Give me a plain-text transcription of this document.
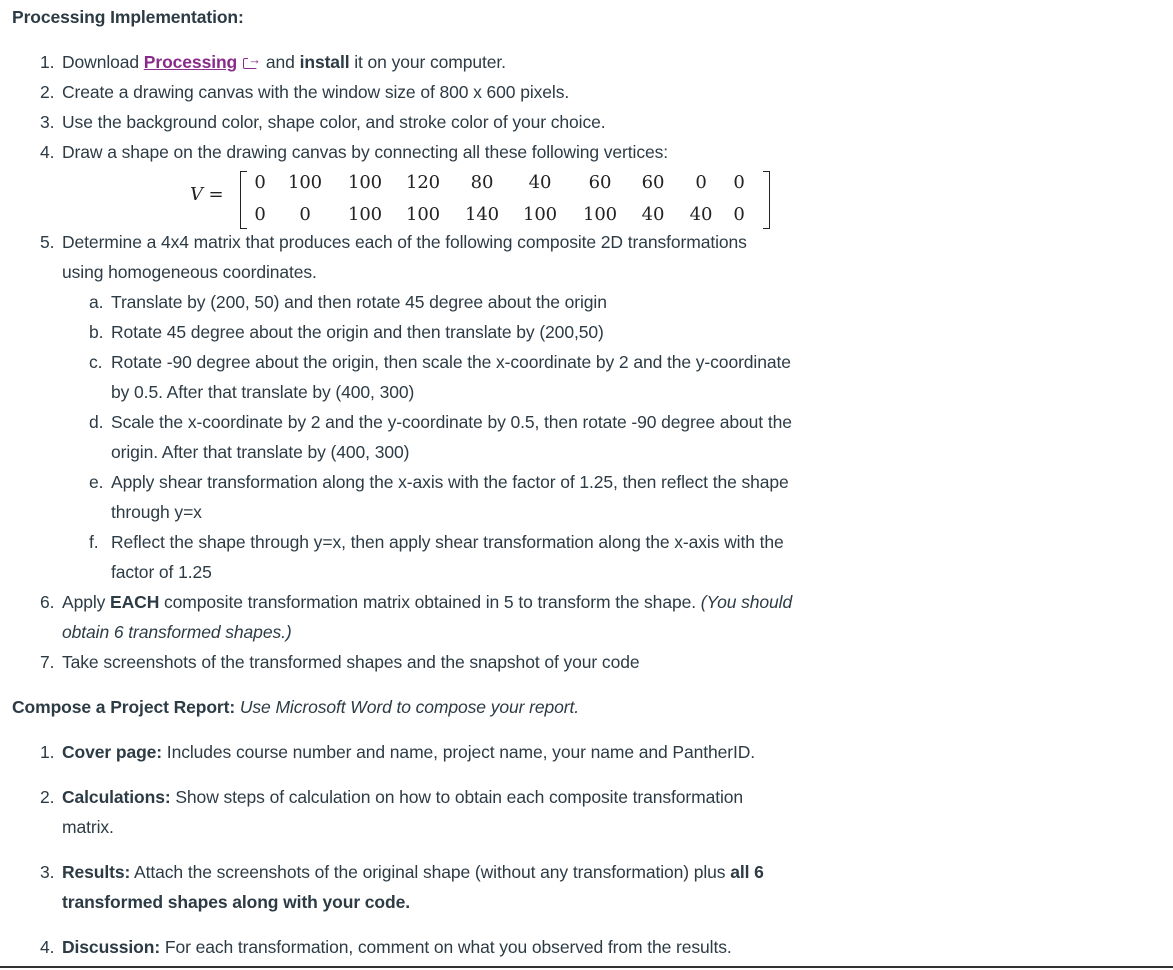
Processing Implementation:
1. Download Processing→ and install it on your computer.
2. Create a drawing canvas with the window size of 800 x 600 pixels.
3. Use the background color, shape color, and stroke color of your choice.
4. Draw a shape on the drawing canvas by connecting all these following vertices:
V =
0	100 100 120	80	40	60	60	0	0
0	0	100 100 140 100 100	40	40	0
5. Determine a 4x4 matrix that produces each of the following composite 2D transformations
using homogeneous coordinates.
a. Translate by (200, 50) and then rotate 45 degree about the origin
b. Rotate 45 degree about the origin and then translate by (200,50)
c. Rotate -90 degree about the origin, then scale the x-coordinate by 2 and the y-coordinate
by 0.5. After that translate by (400, 300)
d. Scale the x-coordinate by 2 and the y-coordinate by 0.5, then rotate -90 degree about the
origin. After that translate by (400, 300)
e. Apply shear transformation along the x-axis with the factor of 1.25, then reflect the shape
through y=x
f. Reflect the shape through y=x, then apply shear transformation along the x-axis with the
factor of 1.25
6. Apply EACH composite transformation matrix obtained in 5 to transform the shape. (You should
obtain 6 transformed shapes.)
7. Take screenshots of the transformed shapes and the snapshot of your code
Compose a Project Report: Use Microsoft Word to compose your report.
1. Cover page: Includes course number and name, project name, your name and PantherID.
2. Calculations: Show steps of calculation on how to obtain each composite transformation
matrix.
3. Results: Attach the screenshots of the original shape (without any transformation) plus all 6
transformed shapes along with your code.
4. Discussion: For each transformation, comment on what you observed from the results.
